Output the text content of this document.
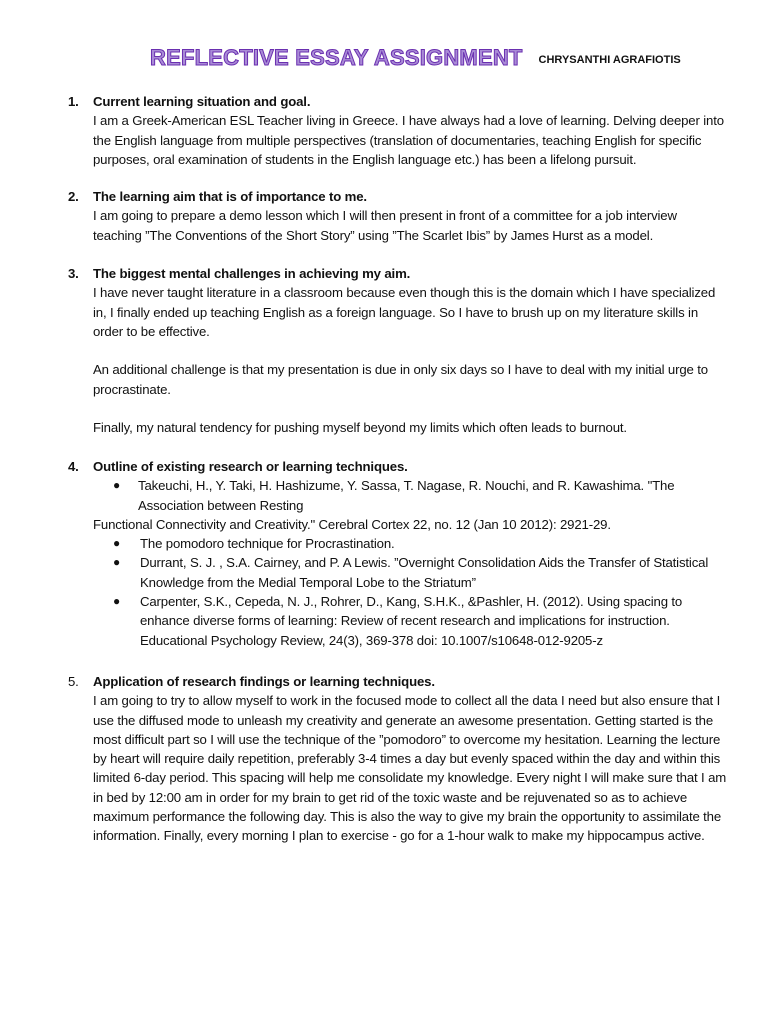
REFLECTIVE ESSAY ASSIGNMENT CHRYSANTHI AGRAFIOTIS
1.	Current learning situation and goal.

I am a Greek-American ESL Teacher living in Greece. I have always had a love of learning. Delving deeper into the English language from multiple perspectives (translation of documentaries, teaching English for specific purposes, oral examination of students in the English language etc.) has been a lifelong pursuit.

2.	The learning aim that is of importance to me.

I am going to prepare a demo lesson which I will then present in front of a committee for a job interview teaching ”The Conventions of the Short Story” using ”The Scarlet Ibis” by James Hurst as a model.

3.	The biggest mental challenges in achieving my aim.

I have never taught literature in a classroom because even though this is the domain which I have specialized in, I finally ended up teaching English as a foreign language. So I have to brush up on my literature skills in order to be effective.

An additional challenge is that my presentation is due in only six days so I have to deal with my initial urge to procrastinate.

Finally, my natural tendency for pushing myself beyond my limits which often leads to burnout.

4.	Outline of existing research or learning techniques.
● Takeuchi, H., Y. Taki, H. Hashizume, Y. Sassa, T. Nagase, R. Nouchi, and R. Kawashima. "The Association between Resting

Functional Connectivity and Creativity." Cerebral Cortex 22, no. 12 (Jan 10 2012): 2921-29.

● The pomodoro technique for Procrastination.
● Durrant, S. J. , S.A. Cairney, and P. A Lewis. ”Overnight Consolidation Aids the Transfer of Statistical Knowledge from the Medial Temporal Lobe to the Striatum”
● Carpenter, S.K., Cepeda, N. J., Rohrer, D., Kang, S.H.K., &Pashler, H. (2012). Using spacing to enhance diverse forms of learning: Review of recent research and implications for instruction. Educational Psychology Review, 24(3), 369-378 doi: 10.1007/s10648-012-9205-z
5.	Application of research findings or learning techniques.

I am going to try to allow myself to work in the focused mode to collect all the data I need but also ensure that I use the diffused mode to unleash my creativity and generate an awesome presentation. Getting started is the most difficult part so I will use the technique of the ”pomodoro” to overcome my hesitation. Learning the lecture by heart will require daily repetition, preferably 3-4 times a day but evenly spaced within the day and within this limited 6-day period. This spacing will help me consolidate my knowledge. Every night I will make sure that I am in bed by 12:00 am in order for my brain to get rid of the toxic waste and be rejuvenated so as to achieve maximum performance the following day. This is also the way to give my brain the opportunity to assimilate the information. Finally, every morning I plan to exercise - go for a 1-hour walk to make my hippocampus active.
